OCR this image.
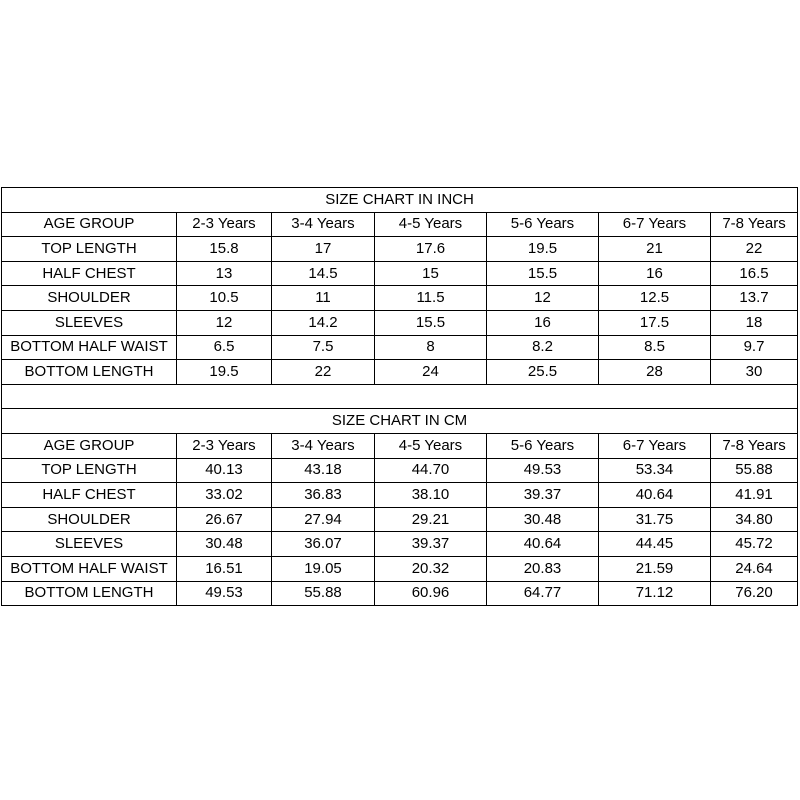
SIZE CHART IN INCH						
AGE GROUP	2-3 Years	3-4 Years	4-5 Years	5-6 Years	6-7 Years	7-8 Years
TOP LENGTH	15.8	17	17.6	19.5	21	22
HALF CHEST	13	14.5	15	15.5	16	16.5
SHOULDER	10.5	11	11.5	12	12.5	13.7
SLEEVES	12	14.2	15.5	16	17.5	18
BOTTOM HALF WAIST	6.5	7.5	8	8.2	8.5	9.7
BOTTOM LENGTH	19.5	22	24	25.5	28	30

SIZE CHART IN CM						
AGE GROUP	2-3 Years	3-4 Years	4-5 Years	5-6 Years	6-7 Years	7-8 Years
TOP LENGTH	40.13	43.18	44.70	49.53	53.34	55.88
HALF CHEST	33.02	36.83	38.10	39.37	40.64	41.91
SHOULDER	26.67	27.94	29.21	30.48	31.75	34.80
SLEEVES	30.48	36.07	39.37	40.64	44.45	45.72
BOTTOM HALF WAIST	16.51	19.05	20.32	20.83	21.59	24.64
BOTTOM LENGTH	49.53	55.88	60.96	64.77	71.12	76.20
